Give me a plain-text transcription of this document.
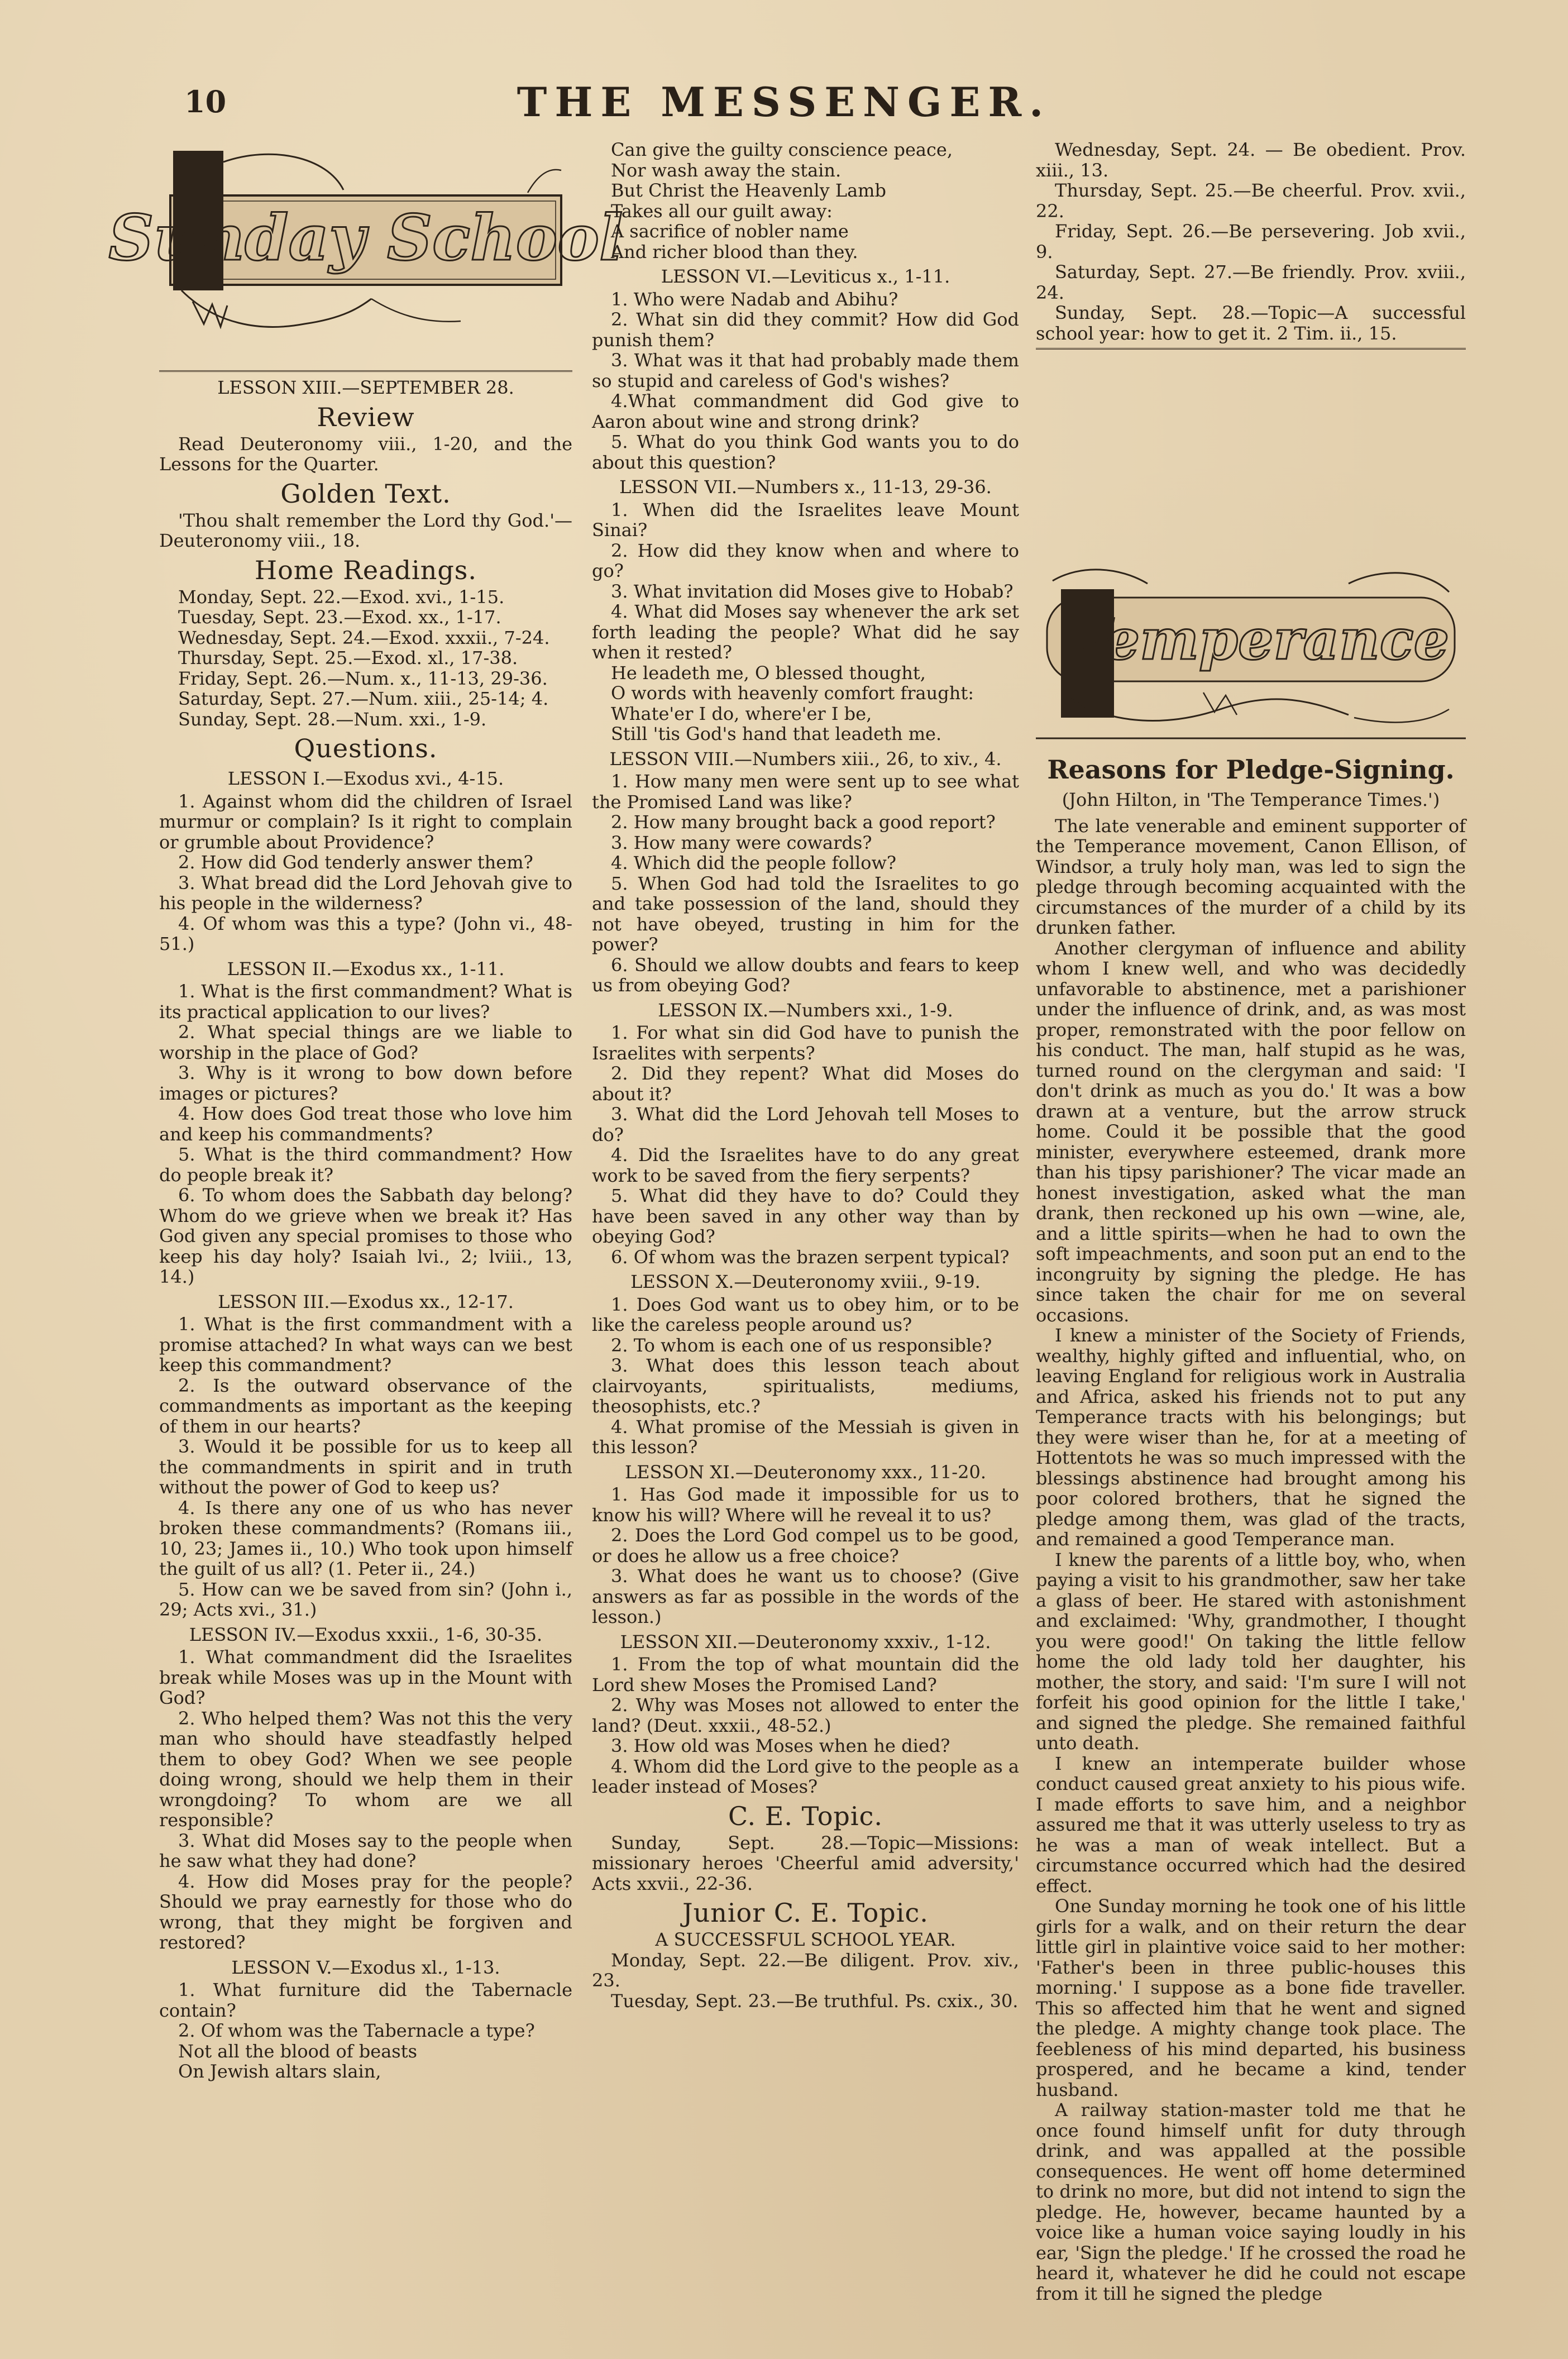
10	THE MESSENGER.
Sunday School

LESSON XIII.—SEPTEMBER 28.

Review

Read Deuteronomy viii., 1-20, and the Lessons for the Quarter.

Golden Text.

'Thou shalt remember the Lord thy God.'—Deuteronomy viii., 18.

Home Readings.

Monday, Sept. 22.—Exod. xvi., 1-15.

Tuesday, Sept. 23.—Exod. xx., 1-17.

Wednesday, Sept. 24.—Exod. xxxii., 7-24.

Thursday, Sept. 25.—Exod. xl., 17-38.

Friday, Sept. 26.—Num. x., 11-13, 29-36.

Saturday, Sept. 27.—Num. xiii., 25-14; 4.

Sunday, Sept. 28.—Num. xxi., 1-9.

Questions.

LESSON I.—Exodus xvi., 4-15.

1. Against whom did the children of Israel murmur or complain? Is it right to complain or grumble about Providence?

2. How did God tenderly answer them?

3. What bread did the Lord Jehovah give to his people in the wilderness?

4. Of whom was this a type? (John vi., 48-51.)

LESSON II.—Exodus xx., 1-11.

1. What is the first commandment? What is its practical application to our lives?

2. What special things are we liable to worship in the place of God?

3. Why is it wrong to bow down before images or pictures?

4. How does God treat those who love him and keep his commandments?

5. What is the third commandment? How do people break it?

6. To whom does the Sabbath day belong? Whom do we grieve when we break it? Has God given any special promises to those who keep his day holy? Isaiah lvi., 2; lviii., 13, 14.)

LESSON III.—Exodus xx., 12-17.

1. What is the first commandment with a promise attached? In what ways can we best keep this commandment?

2. Is the outward observance of the commandments as important as the keeping of them in our hearts?

3. Would it be possible for us to keep all the commandments in spirit and in truth without the power of God to keep us?

4. Is there any one of us who has never broken these commandments? (Romans iii., 10, 23; James ii., 10.) Who took upon himself the guilt of us all? (1. Peter ii., 24.)

5. How can we be saved from sin? (John i., 29; Acts xvi., 31.)

LESSON IV.—Exodus xxxii., 1-6, 30-35.

1. What commandment did the Israelites break while Moses was up in the Mount with God?

2. Who helped them? Was not this the very man who should have steadfastly helped them to obey God? When we see people doing wrong, should we help them in their wrongdoing? To whom are we all responsible?

3. What did Moses say to the people when he saw what they had done?

4. How did Moses pray for the people? Should we pray earnestly for those who do wrong, that they might be forgiven and restored?

LESSON V.—Exodus xl., 1-13.

1. What furniture did the Tabernacle contain?

2. Of whom was the Tabernacle a type?

Not all the blood of beasts

On Jewish altars slain,

Can give the guilty conscience peace,

Nor wash away the stain.

But Christ the Heavenly Lamb

Takes all our guilt away:

A sacrifice of nobler name

And richer blood than they.

LESSON VI.—Leviticus x., 1-11.

1. Who were Nadab and Abihu?

2. What sin did they commit? How did God punish them?

3. What was it that had probably made them so stupid and careless of God's wishes?

4.What commandment did God give to Aaron about wine and strong drink?

5. What do you think God wants you to do about this question?

LESSON VII.—Numbers x., 11-13, 29-36.

1. When did the Israelites leave Mount Sinai?

2. How did they know when and where to go?

3. What invitation did Moses give to Hobab?

4. What did Moses say whenever the ark set forth leading the people? What did he say when it rested?

He leadeth me, O blessed thought,

O words with heavenly comfort fraught:

Whate'er I do, where'er I be,

Still 'tis God's hand that leadeth me.

LESSON VIII.—Numbers xiii., 26, to xiv., 4.

1. How many men were sent up to see what the Promised Land was like?

2. How many brought back a good report?

3. How many were cowards?

4. Which did the people follow?

5. When God had told the Israelites to go and take possession of the land, should they not have obeyed, trusting in him for the power?

6. Should we allow doubts and fears to keep us from obeying God?

LESSON IX.—Numbers xxi., 1-9.

1. For what sin did God have to punish the Israelites with serpents?

2. Did they repent? What did Moses do about it?

3. What did the Lord Jehovah tell Moses to do?

4. Did the Israelites have to do any great work to be saved from the fiery serpents?

5. What did they have to do? Could they have been saved in any other way than by obeying God?

6. Of whom was the brazen serpent typical?

LESSON X.—Deuteronomy xviii., 9-19.

1. Does God want us to obey him, or to be like the careless people around us?

2. To whom is each one of us responsible?

3. What does this lesson teach about clairvoyants, spiritualists, mediums, theosophists, etc.?

4. What promise of the Messiah is given in this lesson?

LESSON XI.—Deuteronomy xxx., 11-20.

1. Has God made it impossible for us to know his will? Where will he reveal it to us?

2. Does the Lord God compel us to be good, or does he allow us a free choice?

3. What does he want us to choose? (Give answers as far as possible in the words of the lesson.)

LESSON XII.—Deuteronomy xxxiv., 1-12.

1. From the top of what mountain did the Lord shew Moses the Promised Land?

2. Why was Moses not allowed to enter the land? (Deut. xxxii., 48-52.)

3. How old was Moses when he died?

4. Whom did the Lord give to the people as a leader instead of Moses?

C. E. Topic.

Sunday, Sept. 28.—Topic—Missions: missionary heroes 'Cheerful amid adversity,' Acts xxvii., 22-36.

Junior C. E. Topic.

A SUCCESSFUL SCHOOL YEAR.

Monday, Sept. 22.—Be diligent. Prov. xiv., 23.

Tuesday, Sept. 23.—Be truthful. Ps. cxix., 30.

Wednesday, Sept. 24. — Be obedient. Prov. xiii., 13.

Thursday, Sept. 25.—Be cheerful. Prov. xvii., 22.

Friday, Sept. 26.—Be persevering. Job xvii., 9.

Saturday, Sept. 27.—Be friendly. Prov. xviii., 24.

Sunday, Sept. 28.—Topic—A successful school year: how to get it. 2 Tim. ii., 15.

Temperance

Reasons for Pledge-Signing.

(John Hilton, in 'The Temperance Times.')

The late venerable and eminent supporter of the Temperance movement, Canon Ellison, of Windsor, a truly holy man, was led to sign the pledge through becoming acquainted with the circumstances of the murder of a child by its drunken father.

Another clergyman of influence and ability whom I knew well, and who was decidedly unfavorable to abstinence, met a parishioner under the influence of drink, and, as was most proper, remonstrated with the poor fellow on his conduct. The man, half stupid as he was, turned round on the clergyman and said: 'I don't drink as much as you do.' It was a bow drawn at a venture, but the arrow struck home. Could it be possible that the good minister, everywhere esteemed, drank more than his tipsy parishioner? The vicar made an honest investigation, asked what the man drank, then reckoned up his own —wine, ale, and a little spirits—when he had to own the soft impeachments, and soon put an end to the incongruity by signing the pledge. He has since taken the chair for me on several occasions.

I knew a minister of the Society of Friends, wealthy, highly gifted and influential, who, on leaving England for religious work in Australia and Africa, asked his friends not to put any Temperance tracts with his belongings; but they were wiser than he, for at a meeting of Hottentots he was so much impressed with the blessings abstinence had brought among his poor colored brothers, that he signed the pledge among them, was glad of the tracts, and remained a good Temperance man.

I knew the parents of a little boy, who, when paying a visit to his grandmother, saw her take a glass of beer. He stared with astonishment and exclaimed: 'Why, grandmother, I thought you were good!' On taking the little fellow home the old lady told her daughter, his mother, the story, and said: 'I'm sure I will not forfeit his good opinion for the little I take,' and signed the pledge. She remained faithful unto death.

I knew an intemperate builder whose conduct caused great anxiety to his pious wife. I made efforts to save him, and a neighbor assured me that it was utterly useless to try as he was a man of weak intellect. But a circumstance occurred which had the desired effect.

One Sunday morning he took one of his little girls for a walk, and on their return the dear little girl in plaintive voice said to her mother: 'Father's been in three public-houses this morning.' I suppose as a bone fide traveller. This so affected him that he went and signed the pledge. A mighty change took place. The feebleness of his mind departed, his business prospered, and he became a kind, tender husband.

A railway station-master told me that he once found himself unfit for duty through drink, and was appalled at the possible consequences. He went off home determined to drink no more, but did not intend to sign the pledge. He, however, became haunted by a voice like a human voice saying loudly in his ear, 'Sign the pledge.' If he crossed the road he heard it, whatever he did he could not escape from it till he signed the pledge
